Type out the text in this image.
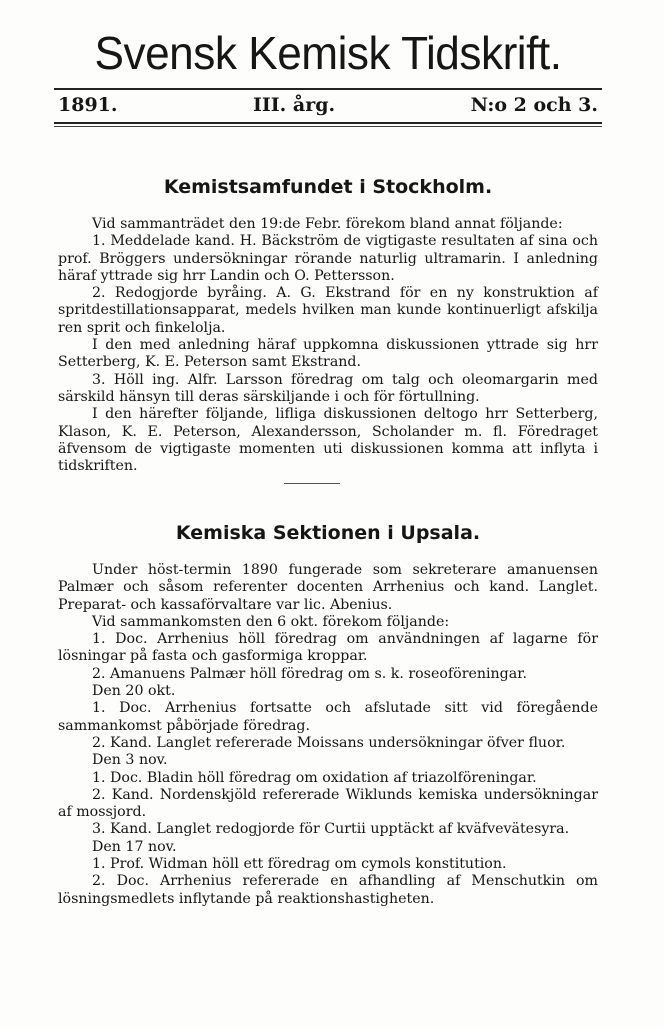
Svensk Kemisk Tidskrift.
1891.	III. årg.	N:o 2 och 3.
Kemistsamfundet i Stockholm.

Vid sammanträdet den 19:de Febr. förekom bland annat följande:

1. Meddelade kand. H. Bäckström de vigtigaste resultaten af sina och prof. Bröggers undersökningar rörande naturlig ultramarin. I anledning häraf yttrade sig hrr Landin och O. Pettersson.

2. Redogjorde byråing. A. G. Ekstrand för en ny konstruktion af spritdestillationsapparat, medels hvilken man kunde kontinuerligt afskilja ren sprit och finkelolja.

I den med anledning häraf uppkomna diskussionen yttrade sig hrr Setterberg, K. E. Peterson samt Ekstrand.

3. Höll ing. Alfr. Larsson föredrag om talg och oleomargarin med särskild hänsyn till deras särskiljande i och för förtullning.

I den härefter följande, lifliga diskussionen deltogo hrr Setterberg, Klason, K. E. Peterson, Alexandersson, Scholander m. fl. Föredraget äfvensom de vigtigaste momenten uti diskussionen komma att inflyta i tidskriften.

Kemiska Sektionen i Upsala.

Under höst-termin 1890 fungerade som sekreterare amanuensen Palmær och såsom referenter docenten Arrhenius och kand. Langlet. Preparat- och kassaförvaltare var lic. Abenius.

Vid sammankomsten den 6 okt. förekom följande:

1. Doc. Arrhenius höll föredrag om användningen af lagarne för lösningar på fasta och gasformiga kroppar.

2. Amanuens Palmær höll föredrag om s. k. roseoföreningar.

Den 20 okt.

1. Doc. Arrhenius fortsatte och afslutade sitt vid föregående sammankomst påbörjade föredrag.

2. Kand. Langlet refererade Moissans undersökningar öfver fluor.

Den 3 nov.

1. Doc. Bladin höll föredrag om oxidation af triazolföreningar.

2. Kand. Nordenskjöld refererade Wiklunds kemiska undersökningar af mossjord.

3. Kand. Langlet redogjorde för Curtii upptäckt af kväfvevätesyra.

Den 17 nov.

1. Prof. Widman höll ett föredrag om cymols konstitution.

2. Doc. Arrhenius refererade en afhandling af Menschutkin om lösningsmedlets inflytande på reaktionshastigheten.
